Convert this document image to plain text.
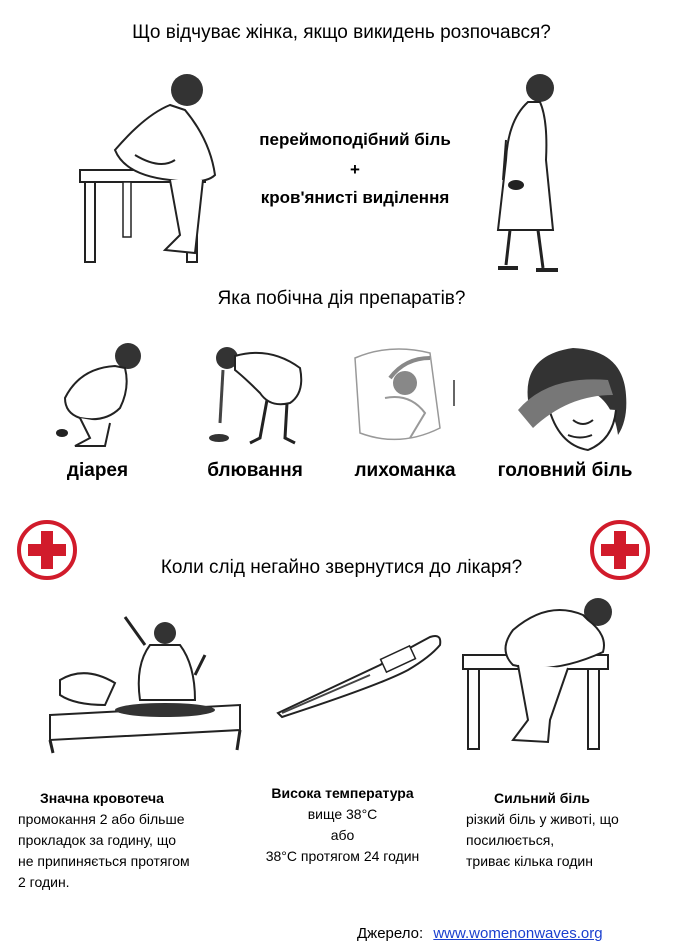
Що відчуває жінка, якщо викидень розпочався?
переймоподібний біль
+
кров'янисті виділення
Яка побічна дія препаратів?
діарея	блювання	лихоманка	головний біль
Коли слід негайно звернутися до лікаря?
Значна кровотеча
промокання 2 або більше
прокладок за годину, що
не припиняється протягом
2 годин.
Висока температура
вище 38°C
або
38°C протягом 24 годин
Сильний біль
різкий біль у животі, що
посилюється,
триває кілька годин
Джерело: www.womenonwaves.org
